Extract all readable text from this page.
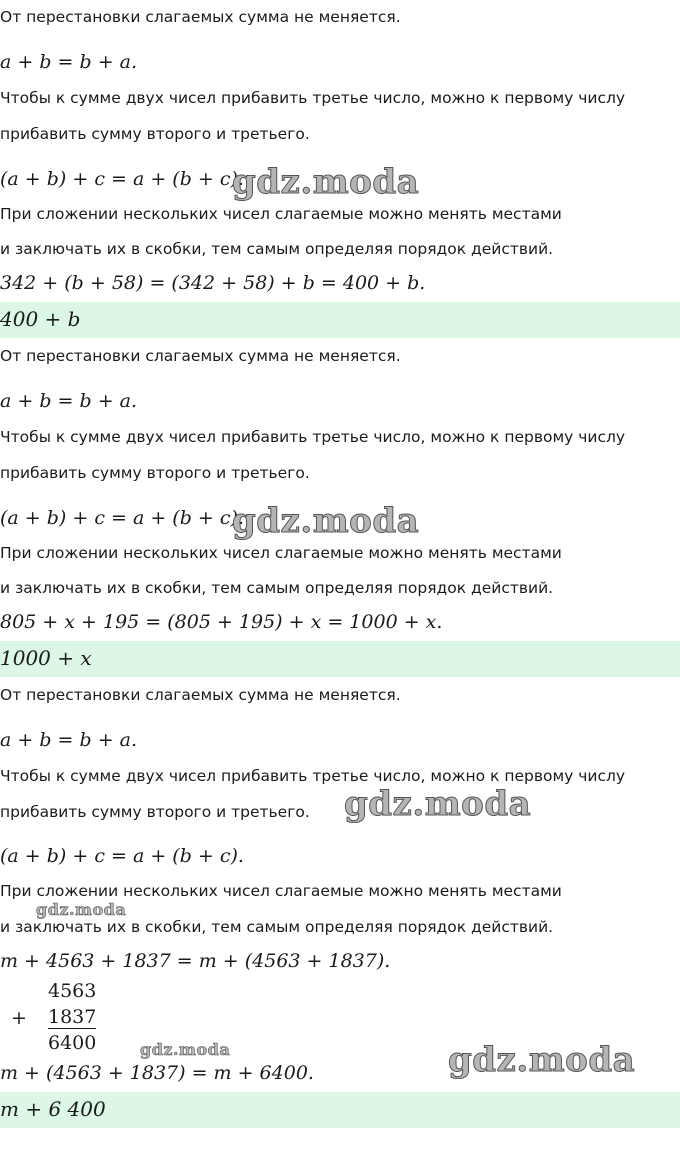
От перестановки слагаемых сумма не меняется.
a + b = b + a.
Чтобы к сумме двух чисел прибавить третье число, можно к первому числу
прибавить сумму второго и третьего.
(a + b) + c = a + (b + c).
gdz.moda
При сложении нескольких чисел слагаемые можно менять местами
и заключать их в скобки, тем самым определяя порядок действий.
342 + (b + 58) = (342 + 58) + b = 400 + b.
400 + b
От перестановки слагаемых сумма не меняется.
a + b = b + a.
Чтобы к сумме двух чисел прибавить третье число, можно к первому числу
прибавить сумму второго и третьего.
(a + b) + c = a + (b + c).
gdz.moda
При сложении нескольких чисел слагаемые можно менять местами
и заключать их в скобки, тем самым определяя порядок действий.
805 + x + 195 = (805 + 195) + x = 1000 + x.
1000 + x
От перестановки слагаемых сумма не меняется.
a + b = b + a.
Чтобы к сумме двух чисел прибавить третье число, можно к первому числу
прибавить сумму второго и третьего. gdz.moda
(a + b) + c = a + (b + c).
При сложении нескольких чисел слагаемые можно менять местами
gdz.moda
и заключать их в скобки, тем самым определяя порядок действий.
m + 4563 + 1837 = m + (4563 + 1837).
4563
+ 1837
6400	gdz.moda	gdz.moda
m + (4563 + 1837) = m + 6400.
m + 6 400
